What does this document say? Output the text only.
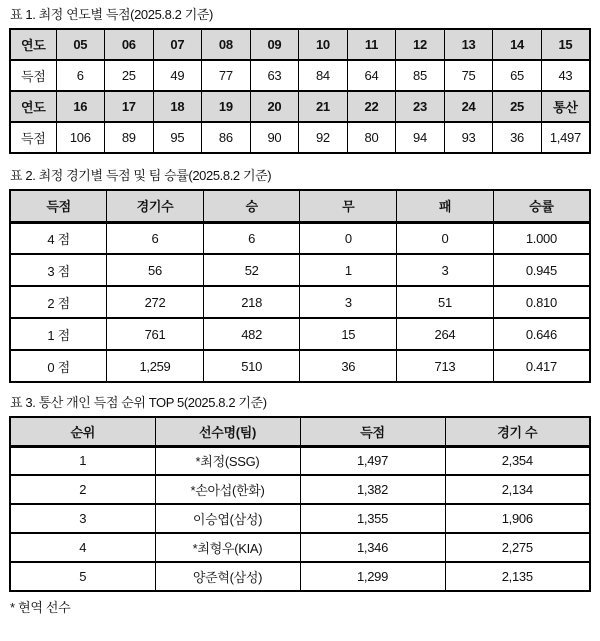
표 1. 최정 연도별 득점(2025.8.2 기준)
연도	05	06	07	08	09	10	11	12	13	14	15
득점	6	25	49	77	63	84	64	85	75	65	43
연도	16	17	18	19	20	21	22	23	24	25	통산
득점	106	89	95	86	90	92	80	94	93	36	1,497
표 2. 최정 경기별 득점 및 팀 승률(2025.8.2 기준)
득점	경기수	승	무	패	승률
4 점	6	6	0	0	1.000
3 점	56	52	1	3	0.945
2 점	272	218	3	51	0.810
1 점	761	482	15	264	0.646
0 점	1,259	510	36	713	0.417
표 3. 통산 개인 득점 순위 TOP 5(2025.8.2 기준)
순위	선수명(팀)	득점	경기 수
1	*최정(SSG)	1,497	2,354
2	*손아섭(한화)	1,382	2,134
3	이승엽(삼성)	1,355	1,906
4	*최형우(KIA)	1,346	2,275
5	양준혁(삼성)	1,299	2,135
* 현역 선수
